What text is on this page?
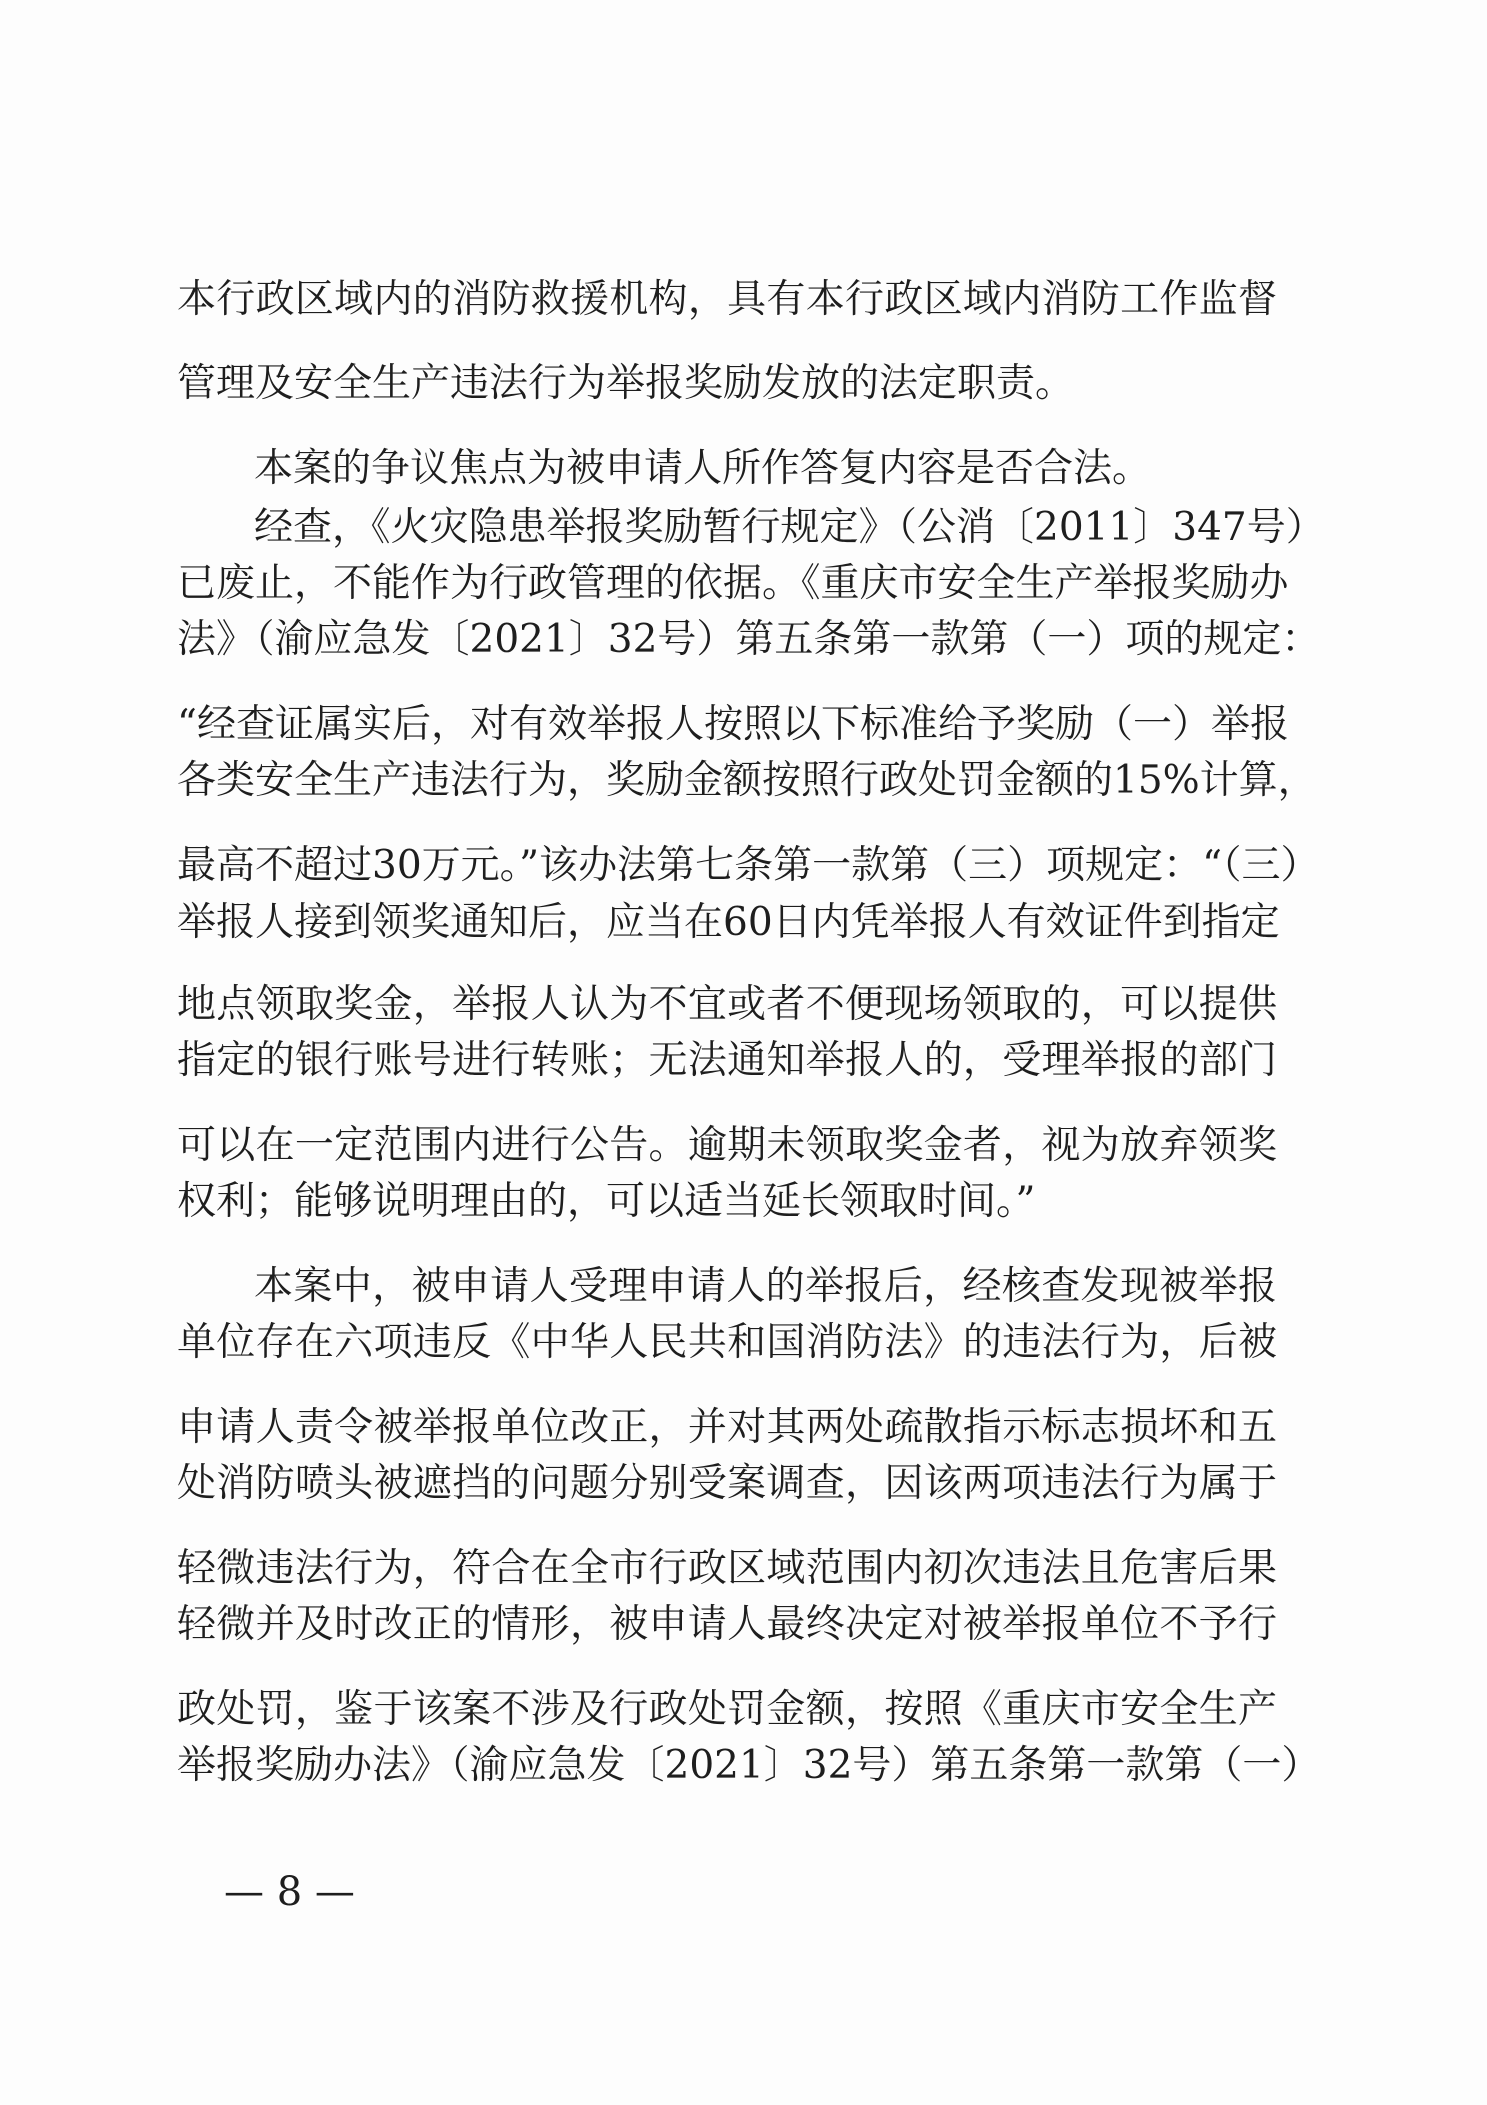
本行政区域内的消防救援机构，具有本行政区域内消防工作监督
管理及安全生产违法行为举报奖励发放的法定职责。
本案的争议焦点为被申请人所作答复内容是否合法。
经查，《火灾隐患举报奖励暂行规定》（公消〔2011〕347号）
已废止，不能作为行政管理的依据。《重庆市安全生产举报奖励办
法》（渝应急发〔2021〕32号）第五条第一款第（一）项的规定：
“经查证属实后，对有效举报人按照以下标准给予奖励（一）举报
各类安全生产违法行为，奖励金额按照行政处罚金额的15%计算，
最高不超过30万元。”该办法第七条第一款第（三）项规定：“（三）
举报人接到领奖通知后，应当在60日内凭举报人有效证件到指定
地点领取奖金，举报人认为不宜或者不便现场领取的，可以提供
指定的银行账号进行转账；无法通知举报人的，受理举报的部门
可以在一定范围内进行公告。逾期未领取奖金者，视为放弃领奖
权利；能够说明理由的，可以适当延长领取时间。”
本案中，被申请人受理申请人的举报后，经核查发现被举报
单位存在六项违反《中华人民共和国消防法》的违法行为，后被
申请人责令被举报单位改正，并对其两处疏散指示标志损坏和五
处消防喷头被遮挡的问题分别受案调查，因该两项违法行为属于
轻微违法行为，符合在全市行政区域范围内初次违法且危害后果
轻微并及时改正的情形，被申请人最终决定对被举报单位不予行
政处罚，鉴于该案不涉及行政处罚金额，按照《重庆市安全生产
举报奖励办法》（渝应急发〔2021〕32号）第五条第一款第（一）
— 8 —
